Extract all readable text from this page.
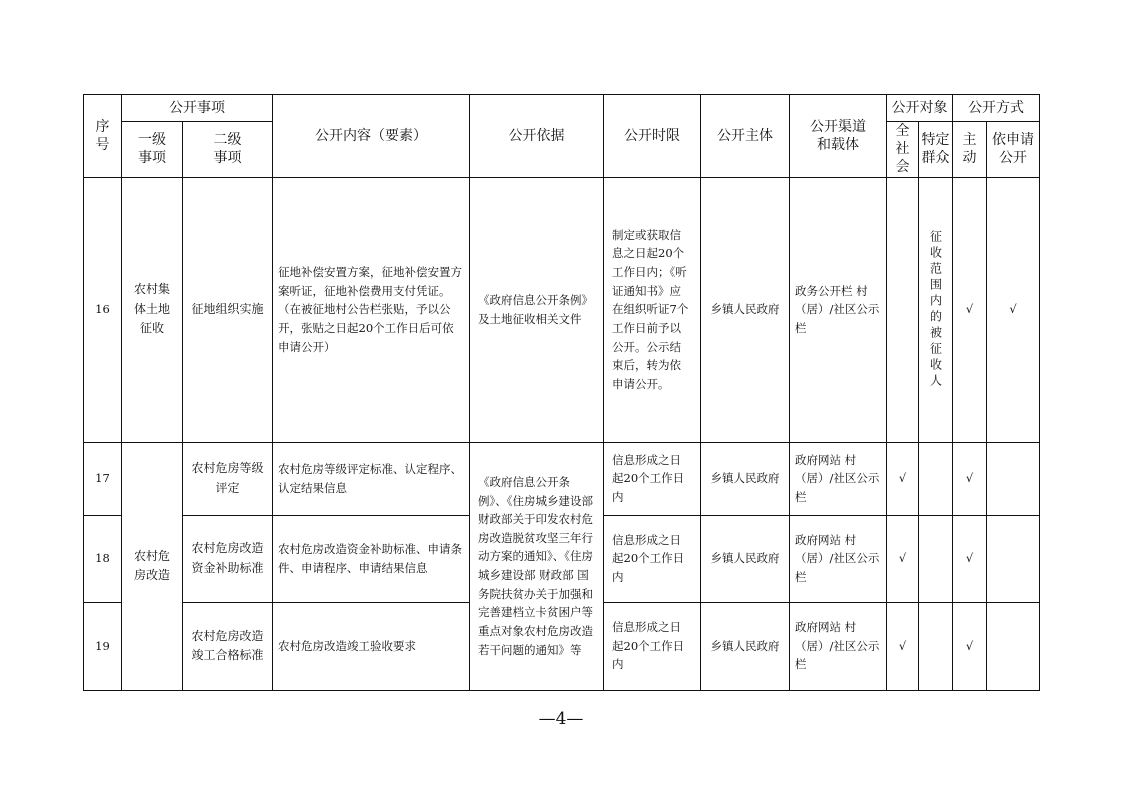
序号	公开事项		公开内容（要素）	公开依据	公开时限	公开主体	公开渠道和载体	公开对象		公开方式	
	一级事项	二级事项						全社会	特定群众	主动	依申请公开
16	农村集体土地征收	征地组织实施	征地补偿安置方案，征地补偿安置方案听证，征地补偿费用支付凭证。（在被征地村公告栏张贴，予以公开，张贴之日起20个工作日后可依申请公开）	《政府信息公开条例》及土地征收相关文件	制定或获取信息之日起20个工作日内；《听证通知书》应在组织听证7个工作日前予以公开。公示结束后，转为依申请公开。	乡镇人民政府	政务公开栏 村（居）/社区公示栏		征收范围内的被征收人	√	√
17	农村危房改造	农村危房等级评定	农村危房等级评定标准、认定程序、认定结果信息	《政府信息公开条例》、《住房城乡建设部 财政部关于印发农村危房改造脱贫攻坚三年行动方案的通知》、《住房城乡建设部 财政部 国务院扶贫办关于加强和完善建档立卡贫困户等重点对象农村危房改造若干问题的通知》等	信息形成之日起20个工作日内	乡镇人民政府	政府网站 村（居）/社区公示栏	√		√	
18		农村危房改造资金补助标准	农村危房改造资金补助标准、申请条件、申请程序、申请结果信息		信息形成之日起20个工作日内	乡镇人民政府	政府网站 村（居）/社区公示栏	√		√	
19		农村危房改造竣工合格标准	农村危房改造竣工验收要求		信息形成之日起20个工作日内	乡镇人民政府	政府网站 村（居）/社区公示栏	√		√	
—4—
